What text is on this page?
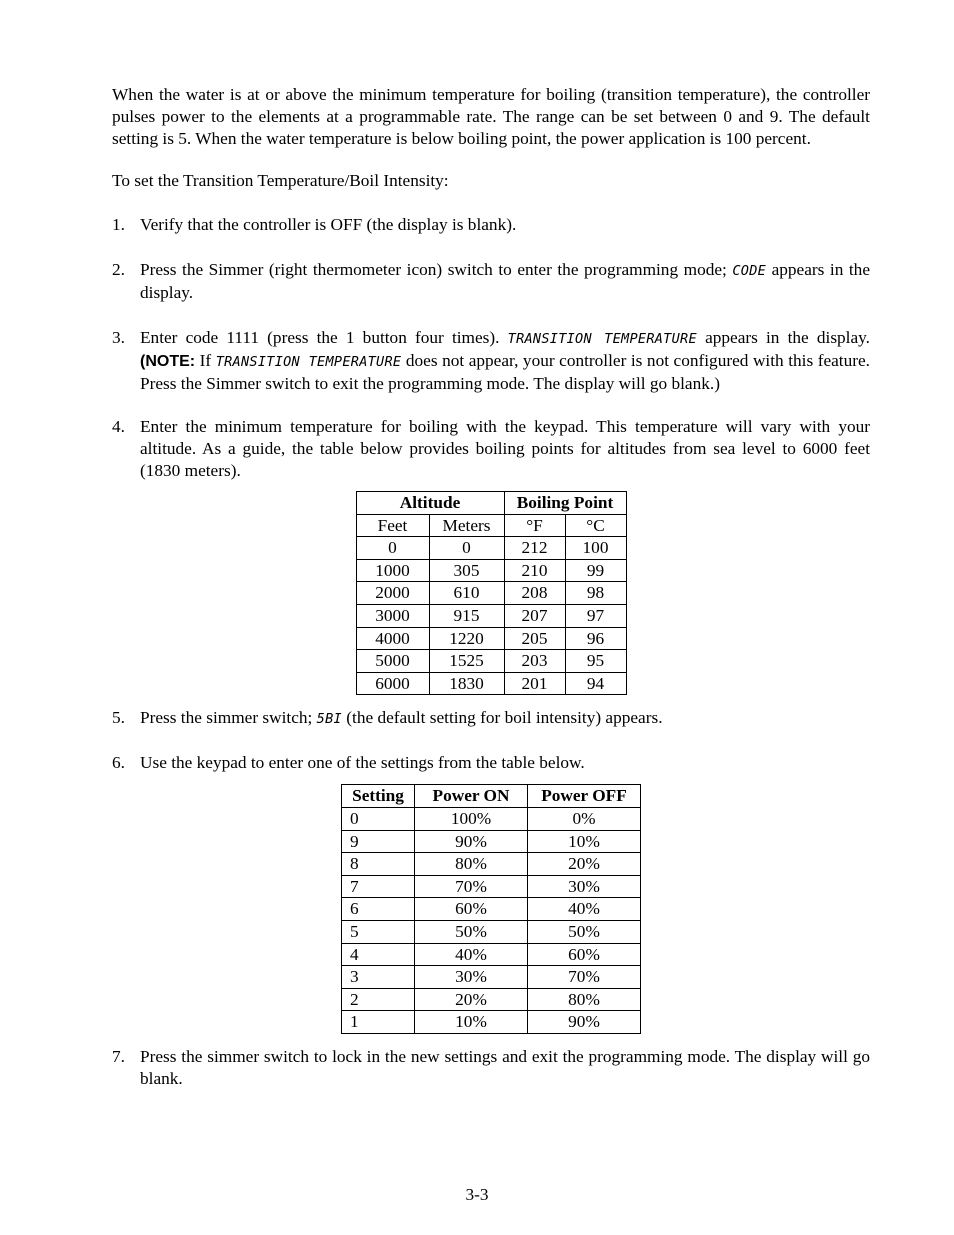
When the water is at or above the minimum temperature for boiling (transition temperature), the controller pulses power to the elements at a programmable rate. The range can be set between 0 and 9. The default setting is 5. When the water temperature is below boiling point, the power application is 100 percent.

To set the Transition Temperature/Boil Intensity:

1. Verify that the controller is OFF (the display is blank).
2. Press the Simmer (right thermometer icon) switch to enter the programming mode; CODE appears in the display.
3. Enter code 1111 (press the 1 button four times). TRANSITION TEMPERATURE appears in the display. (NOTE: If TRANSITION TEMPERATURE does not appear, your controller is not configured with this feature. Press the Simmer switch to exit the programming mode. The display will go blank.)
4. Enter the minimum temperature for boiling with the keypad. This temperature will vary with your altitude. As a guide, the table below provides boiling points for altitudes from sea level to 6000 feet (1830 meters).
Altitude		Boiling Point	
Feet	Meters	°F	°C
0	0	212	100
1000	305	210	99
2000	610	208	98
3000	915	207	97
4000	1220	205	96
5000	1525	203	95
6000	1830	201	94
5. Press the simmer switch; 5BI (the default setting for boil intensity) appears.
6. Use the keypad to enter one of the settings from the table below.
Setting	Power ON	Power OFF
0	100%	0%
9	90%	10%
8	80%	20%
7	70%	30%
6	60%	40%
5	50%	50%
4	40%	60%
3	30%	70%
2	20%	80%
1	10%	90%
7. Press the simmer switch to lock in the new settings and exit the programming mode. The display will go blank.
3-3
